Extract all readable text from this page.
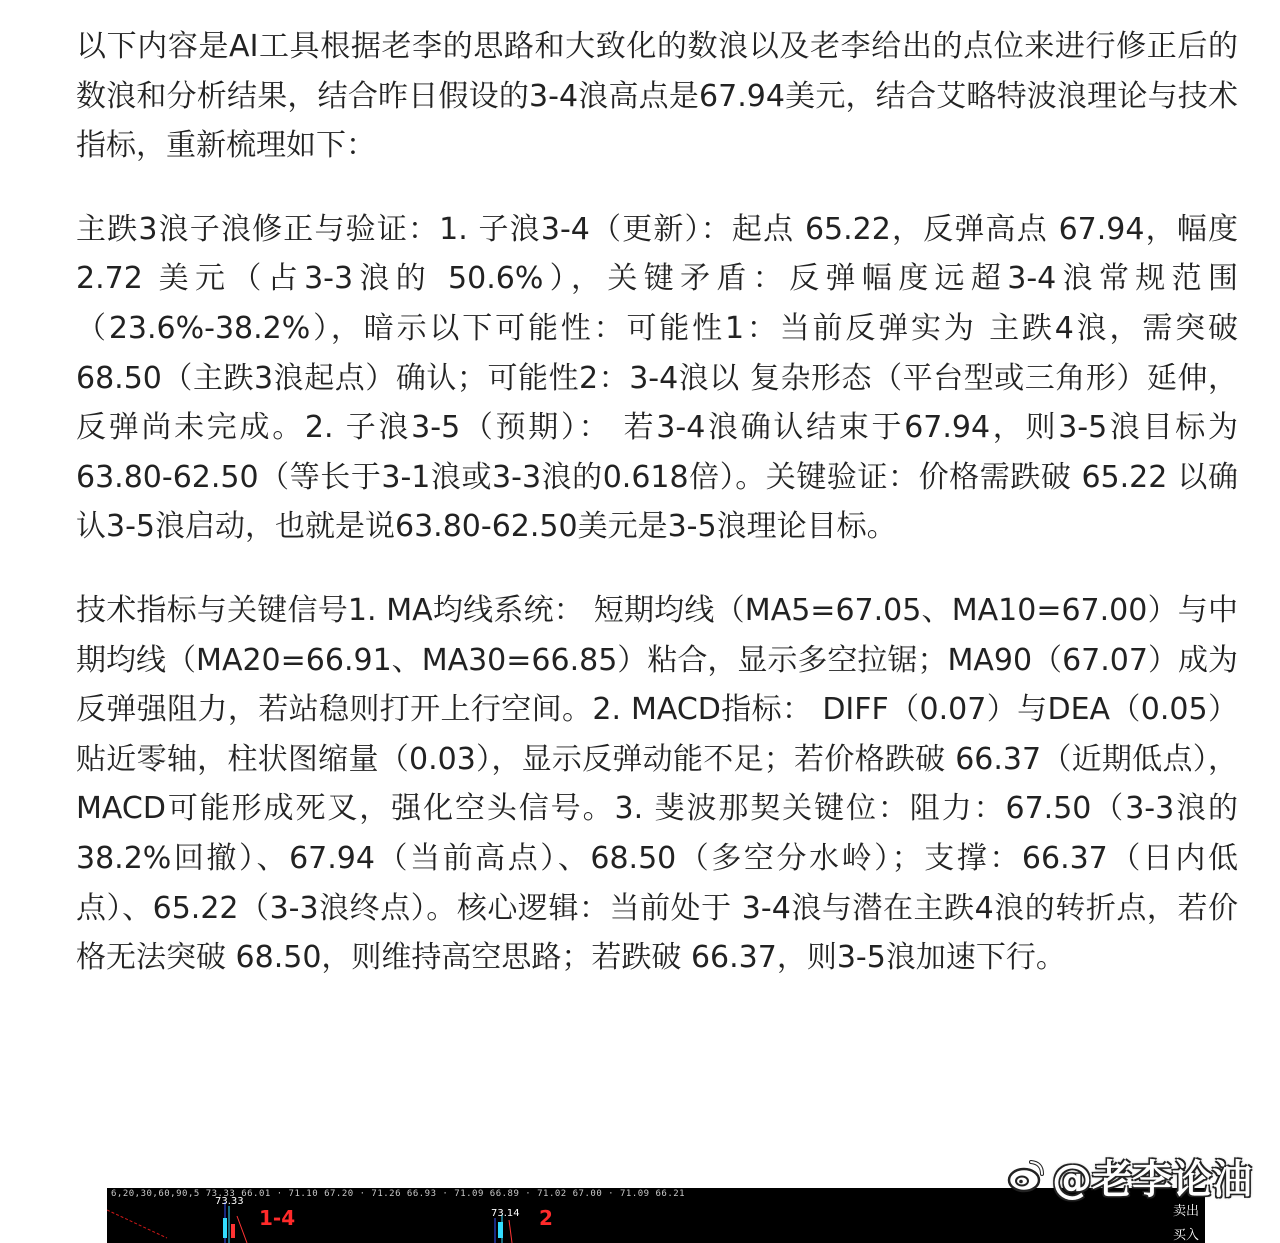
以下内容是AI工具根据老李的思路和大致化的数浪以及老李给出的点位来进行修正后的数浪和分析结果，结合昨日假设的3-4浪高点是67.94美元，结合艾略特波浪理论与技术指标，重新梳理如下：

主跌3浪子浪修正与验证：1. 子浪3-4（更新）：起点 65.22，反弹高点 67.94，幅度 2.72 美元（占3-3浪的 50.6%），关键矛盾：反弹幅度远超3-4浪常规范围（23.6%-38.2%），暗示以下可能性：可能性1：当前反弹实为 主跌4浪，需突破 68.50（主跌3浪起点）确认；可能性2：3-4浪以 复杂形态（平台型或三角形）延伸，反弹尚未完成。2. 子浪3-5（预期）： 若3-4浪确认结束于67.94，则3-5浪目标为 63.80-62.50（等长于3-1浪或3-3浪的0.618倍）。关键验证：价格需跌破 65.22 以确认3-5浪启动，也就是说63.80-62.50美元是3-5浪理论目标。

技术指标与关键信号1. MA均线系统： 短期均线（MA5=67.05、MA10=67.00）与中期均线（MA20=66.91、MA30=66.85）粘合，显示多空拉锯；MA90（67.07）成为反弹强阻力，若站稳则打开上行空间。2. MACD指标： DIFF（0.07）与DEA（0.05）贴近零轴，柱状图缩量（0.03），显示反弹动能不足；若价格跌破 66.37（近期低点），MACD可能形成死叉，强化空头信号。3. 斐波那契关键位：阻力：67.50（3-3浪的38.2%回撤）、67.94（当前高点）、68.50（多空分水岭）；支撑：66.37（日内低点）、65.22（3-3浪终点）。核心逻辑：当前处于 3-4浪与潜在主跌4浪的转折点，若价格无法突破 68.50，则维持高空思路；若跌破 66.37，则3-5浪加速下行。

@老李论油
6,20,30,60,90,5 73.33 66.01 · 71.10 67.20 · 71.26 66.93 · 71.09 66.89 · 71.02 67.00 · 71.09 66.21
73.33
1-4	73.14 2	卖出
买入
